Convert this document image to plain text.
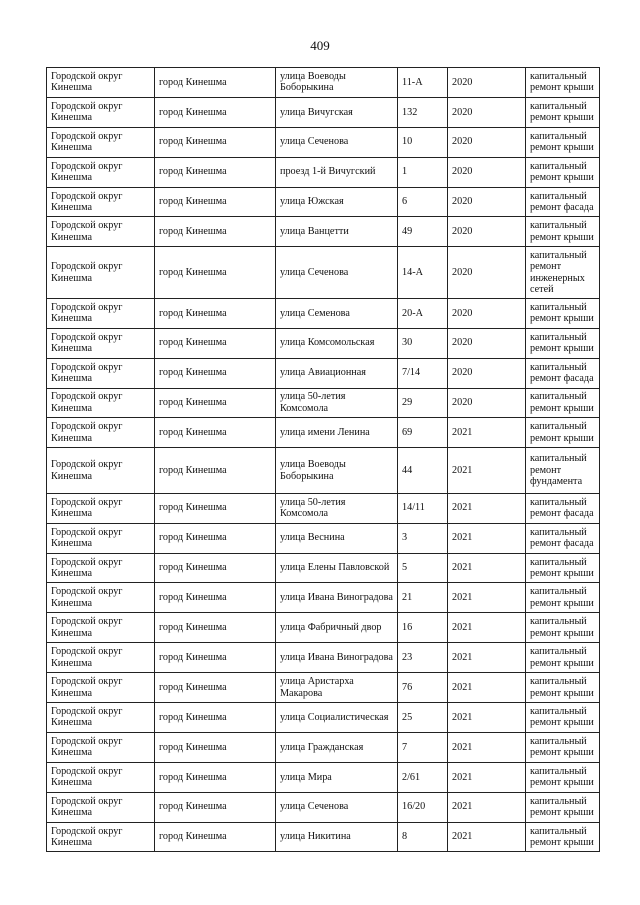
409
Городской округ Кинешма	город Кинешма	улица Воеводы Боборыкина	11-А	2020	капитальный ремонт крыши
Городской округ Кинешма	город Кинешма	улица Вичугская	132	2020	капитальный ремонт крыши
Городской округ Кинешма	город Кинешма	улица Сеченова	10	2020	капитальный ремонт крыши
Городской округ Кинешма	город Кинешма	проезд 1-й Вичугский	1	2020	капитальный ремонт крыши
Городской округ Кинешма	город Кинешма	улица Южская	6	2020	капитальный ремонт фасада
Городской округ Кинешма	город Кинешма	улица Ванцетти	49	2020	капитальный ремонт крыши
Городской округ Кинешма	город Кинешма	улица Сеченова	14-А	2020	капитальный ремонт инженерных сетей
Городской округ Кинешма	город Кинешма	улица Семенова	20-А	2020	капитальный ремонт крыши
Городской округ Кинешма	город Кинешма	улица Комсомольская	30	2020	капитальный ремонт крыши
Городской округ Кинешма	город Кинешма	улица Авиационная	7/14	2020	капитальный ремонт фасада
Городской округ Кинешма	город Кинешма	улица 50-летия Комсомола	29	2020	капитальный ремонт крыши
Городской округ Кинешма	город Кинешма	улица имени Ленина	69	2021	капитальный ремонт крыши
Городской округ Кинешма	город Кинешма	улица Воеводы Боборыкина	44	2021	капитальный ремонт фундамента
Городской округ Кинешма	город Кинешма	улица 50-летия Комсомола	14/11	2021	капитальный ремонт фасада
Городской округ Кинешма	город Кинешма	улица Веснина	3	2021	капитальный ремонт фасада
Городской округ Кинешма	город Кинешма	улица Елены Павловской	5	2021	капитальный ремонт крыши
Городской округ Кинешма	город Кинешма	улица Ивана Виноградова	21	2021	капитальный ремонт крыши
Городской округ Кинешма	город Кинешма	улица Фабричный двор	16	2021	капитальный ремонт крыши
Городской округ Кинешма	город Кинешма	улица Ивана Виноградова	23	2021	капитальный ремонт крыши
Городской округ Кинешма	город Кинешма	улица Аристарха Макарова	76	2021	капитальный ремонт крыши
Городской округ Кинешма	город Кинешма	улица Социалистическая	25	2021	капитальный ремонт крыши
Городской округ Кинешма	город Кинешма	улица Гражданская	7	2021	капитальный ремонт крыши
Городской округ Кинешма	город Кинешма	улица Мира	2/61	2021	капитальный ремонт крыши
Городской округ Кинешма	город Кинешма	улица Сеченова	16/20	2021	капитальный ремонт крыши
Городской округ Кинешма	город Кинешма	улица Никитина	8	2021	капитальный ремонт крыши
